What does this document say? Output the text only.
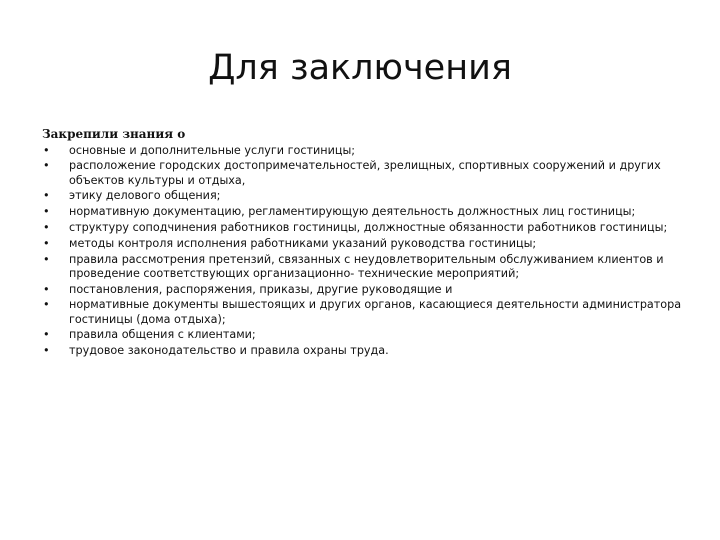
Для заключения

Закрепили знания о

•	основные и дополнительные услуги гостиницы;
•	расположение городских достопримечательностей, зрелищных, спортивных сооружений и других объектов культуры и отдыха,
•	этику делового общения;
•	нормативную документацию, регламентирующую деятельность должностных лиц гостиницы;
•	структуру соподчинения работников гостиницы, должностные обязанности работников гостиницы;
•	методы контроля исполнения работниками указаний руководства гостиницы;
•	правила рассмотрения претензий, связанных с неудовлетворительным обслуживанием клиентов и проведение соответствующих организационно- технические мероприятий;
•	постановления, распоряжения, приказы, другие руководящие и
•	нормативные документы вышестоящих и других органов, касающиеся деятельности администратора гостиницы (дома отдыха);
•	правила общения с клиентами;
•	трудовое законодательство и правила охраны труда.
